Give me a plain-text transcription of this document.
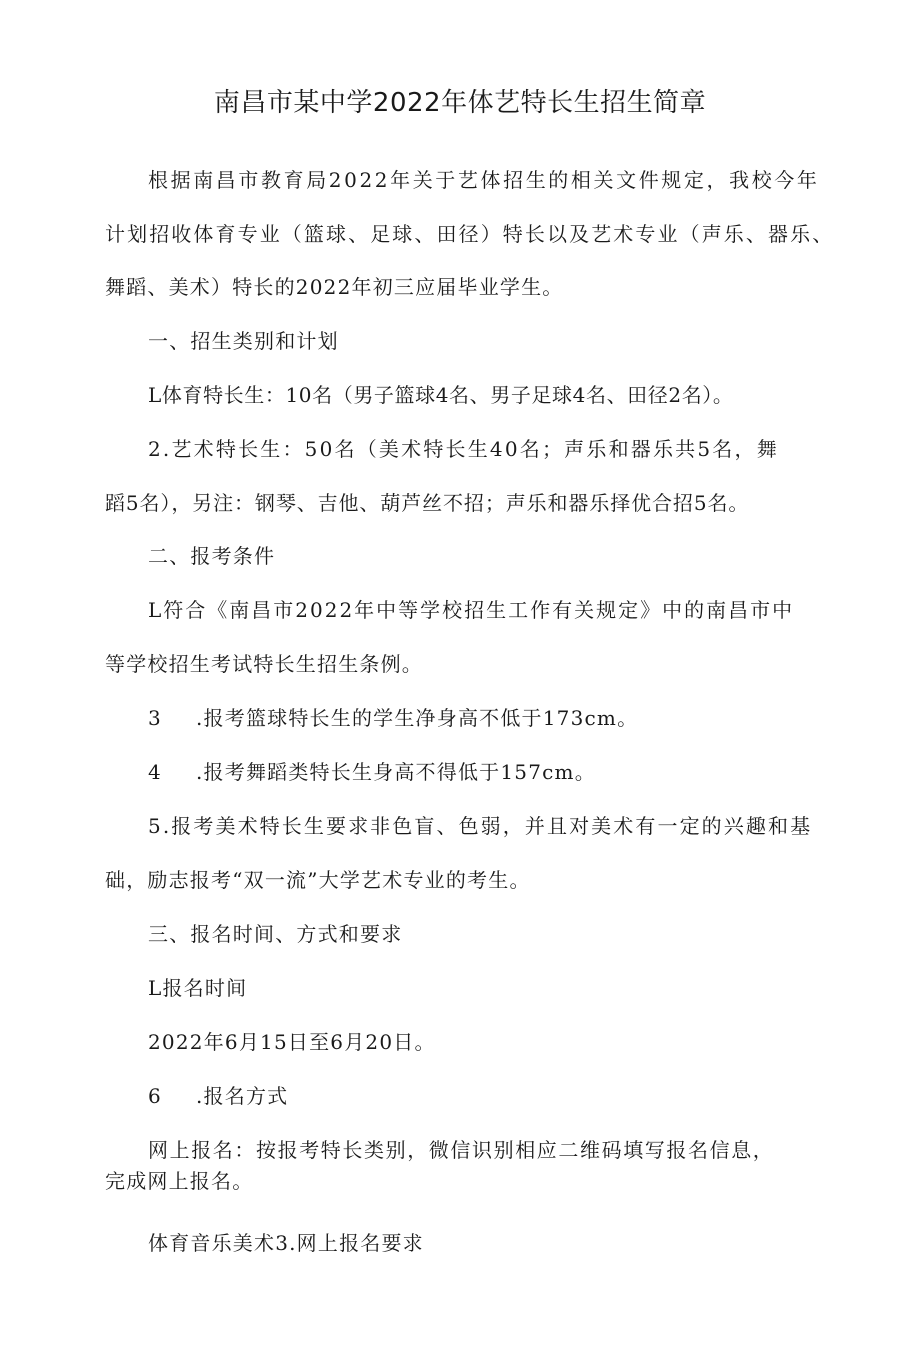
南昌市某中学2022年体艺特长生招生简章

根据南昌市教育局2022年关于艺体招生的相关文件规定，我校今年

计划招收体育专业（篮球、足球、田径）特长以及艺术专业（声乐、器乐、

舞蹈、美术）特长的2022年初三应届毕业学生。

一、招生类别和计划

L体育特长生：10名（男子篮球4名、男子足球4名、田径2名）。

2.艺术特长生：50名（美术特长生40名；声乐和器乐共5名，舞

蹈5名），另注：钢琴、吉他、葫芦丝不招；声乐和器乐择优合招5名。

二、报考条件

L符合《南昌市2022年中等学校招生工作有关规定》中的南昌市中

等学校招生考试特长生招生条例。

3 .报考篮球特长生的学生净身高不低于173cm。

4 .报考舞蹈类特长生身高不得低于157cm。

5.报考美术特长生要求非色盲、色弱，并且对美术有一定的兴趣和基

础，励志报考“双一流”大学艺术专业的考生。

三、报名时间、方式和要求

L报名时间

2022年6月15日至6月20日。

6 .报名方式

网上报名：按报考特长类别，微信识别相应二维码填写报名信息，

完成网上报名。

体育音乐美术3.网上报名要求
